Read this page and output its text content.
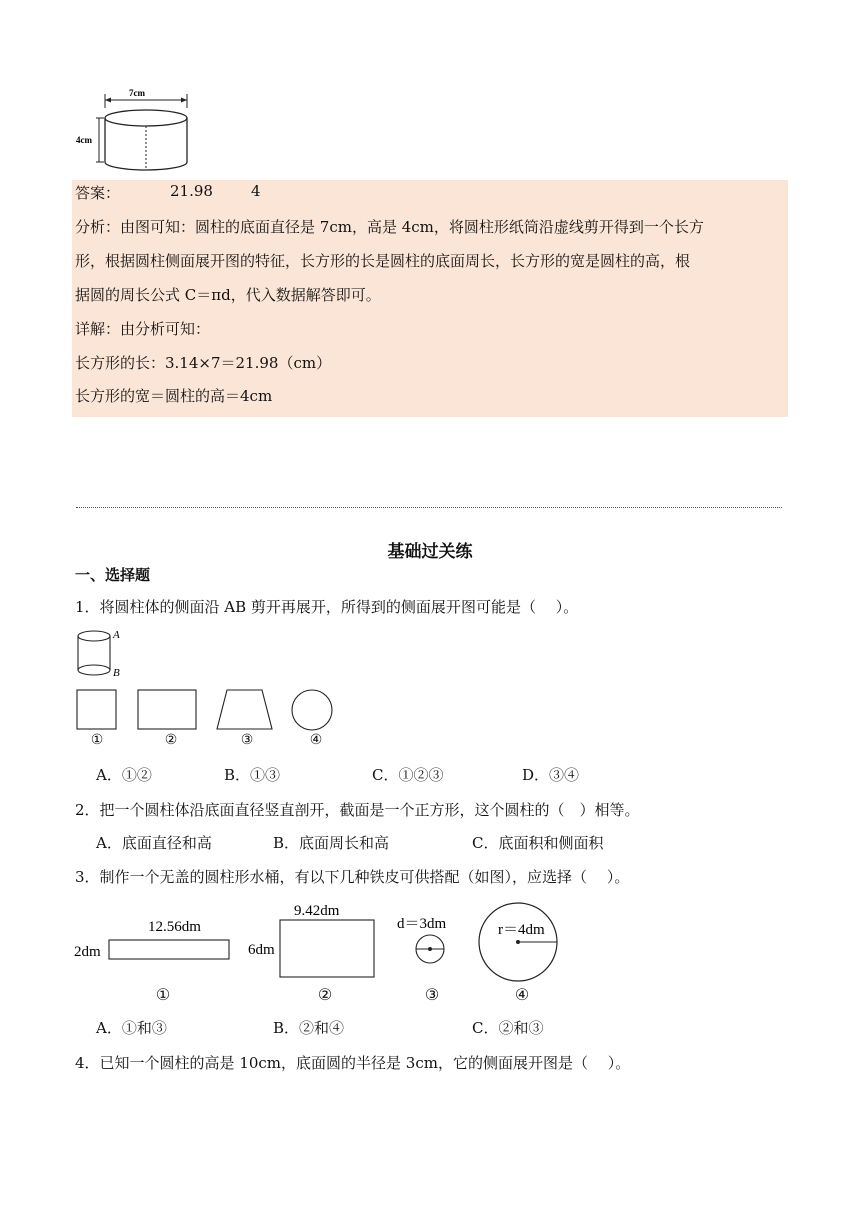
7cm
4cm
答案：	21.98	4
分析：由图可知：圆柱的底面直径是 7cm，高是 4cm，将圆柱形纸筒沿虚线剪开得到一个长方
形，根据圆柱侧面展开图的特征，长方形的长是圆柱的底面周长，长方形的宽是圆柱的高，根
据圆的周长公式 C＝πd，代入数据解答即可。
详解：由分析可知：
长方形的长：3.14×7＝21.98（cm）
长方形的宽＝圆柱的高＝4cm
基础过关练
一、选择题
1．将圆柱体的侧面沿 AB 剪开再展开，所得到的侧面展开图可能是（　 ）。
A
B
①	②	③	④
A．①②	B．①③	C．①②③	D．③④
2．把一个圆柱体沿底面直径竖直剖开，截面是一个正方形，这个圆柱的（　）相等。
A．底面直径和高	B．底面周长和高	C．底面积和侧面积
3．制作一个无盖的圆柱形水桶，有以下几种铁皮可供搭配（如图），应选择（　 ）。
12.56dm
2dm
9.42dm
6dm
d＝3dm	r＝4dm
①	②	③	④
A．①和③	B．②和④	C．②和③
4．已知一个圆柱的高是 10cm，底面圆的半径是 3cm，它的侧面展开图是（　 ）。
